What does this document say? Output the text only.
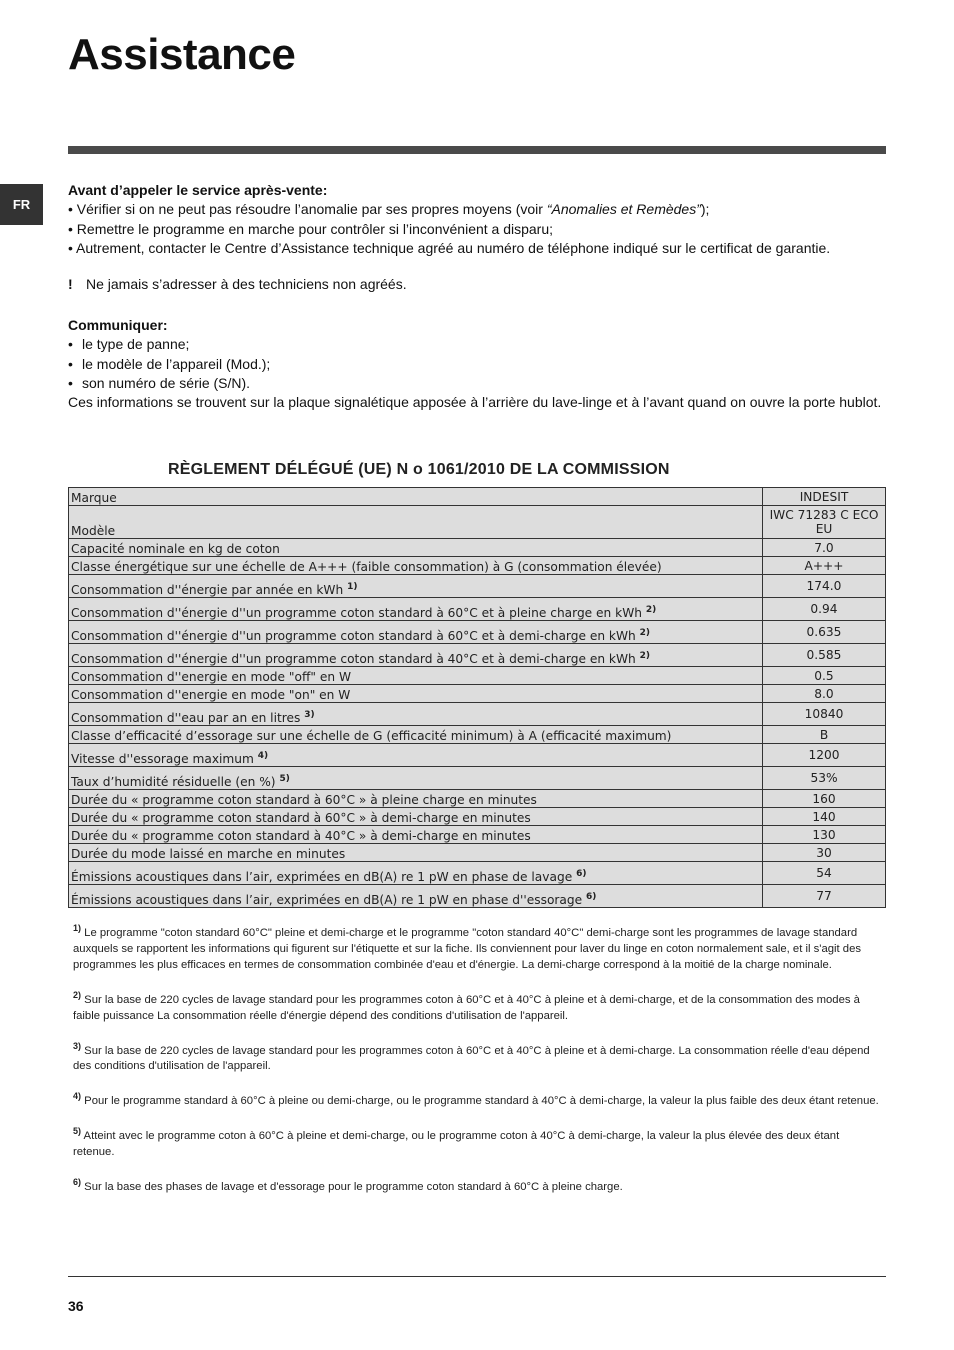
Assistance
FR

Avant d’appeler le service après-vente:

• Vérifier si on ne peut pas résoudre l’anomalie par ses propres moyens (voir “Anomalies et Remèdes”);
• Remettre le programme en marche pour contrôler si l’inconvénient a disparu;
• Autrement, contacter le Centre d’Assistance technique agréé au numéro de téléphone indiqué sur le certificat de garantie.
! Ne jamais s’adresser à des techniciens non agréés.

Communiquer:

• le type de panne;
• le modèle de l’appareil (Mod.);
• son numéro de série (S/N).

Ces informations se trouvent sur la plaque signalétique apposée à l’arrière du lave-linge et à l’avant quand on ouvre la porte hublot.

RÈGLEMENT DÉLÉGUÉ (UE) N o 1061/2010 DE LA COMMISSION
Marque	INDESIT
Modèle	IWC 71283 C ECO EU
Capacité nominale en kg de coton	7.0
Classe énergétique sur une échelle de A+++ (faible consommation) à G (consommation élevée)	A+++
Consommation d''énergie par année en kWh $^{1)}$	174.0
Consommation d''énergie d''un programme coton standard à 60°C et à pleine charge en kWh $^{2)}$	0.94
Consommation d''énergie d''un programme coton standard à 60°C et à demi-charge en kWh $^{2)}$	0.635
Consommation d''énergie d''un programme coton standard à 40°C et à demi-charge en kWh $^{2)}$	0.585
Consommation d''energie en mode "off" en W	0.5
Consommation d''energie en mode "on" en W	8.0
Consommation d''eau par an en litres $^{3)}$	10840
Classe d’efficacité d’essorage sur une échelle de G (efficacité minimum) à A (efficacité maximum)	B
Vitesse d''essorage maximum $^{4)}$	1200
Taux d’humidité résiduelle (en %) $^{5)}$	53%
Durée du « programme coton standard à 60°C » à pleine charge en minutes	160
Durée du « programme coton standard à 60°C » à demi-charge en minutes	140
Durée du « programme coton standard à 40°C » à demi-charge en minutes	130
Durée du mode laissé en marche en minutes	30
Émissions acoustiques dans l’air, exprimées en dB(A) re 1 pW en phase de lavage $^{6)}$	54
Émissions acoustiques dans l’air, exprimées en dB(A) re 1 pW en phase d''essorage $^{6)}$	77

$^{1)}$ Le programme "coton standard 60°C" pleine et demi-charge et le programme "coton standard 40°C" demi-charge sont les programmes de lavage standard auxquels se rapportent les informations qui figurent sur l'étiquette et sur la fiche. Ils conviennent pour laver du linge en coton normalement sale, et il s'agit des programmes les plus efficaces en termes de consommation combinée d'eau et d'énergie. La demi-charge correspond à la moitié de la charge nominale.

$^{2)}$ Sur la base de 220 cycles de lavage standard pour les programmes coton à 60°C et à 40°C à pleine et à demi-charge, et de la consommation des modes à faible puissance La consommation réelle d'énergie dépend des conditions d'utilisation de l'appareil.

$^{3)}$ Sur la base de 220 cycles de lavage standard pour les programmes coton à 60°C et à 40°C à pleine et à demi-charge. La consommation réelle d'eau dépend des conditions d'utilisation de l'appareil.

$^{4)}$ Pour le programme standard à 60°C à pleine ou demi-charge, ou le programme standard à 40°C à demi-charge, la valeur la plus faible des deux étant retenue.

$^{5)}$ Atteint avec le programme coton à 60°C à pleine et demi-charge, ou le programme coton à 40°C à demi-charge, la valeur la plus élevée des deux étant retenue.

$^{6)}$ Sur la base des phases de lavage et d'essorage pour le programme coton standard à 60°C à pleine charge.

36
